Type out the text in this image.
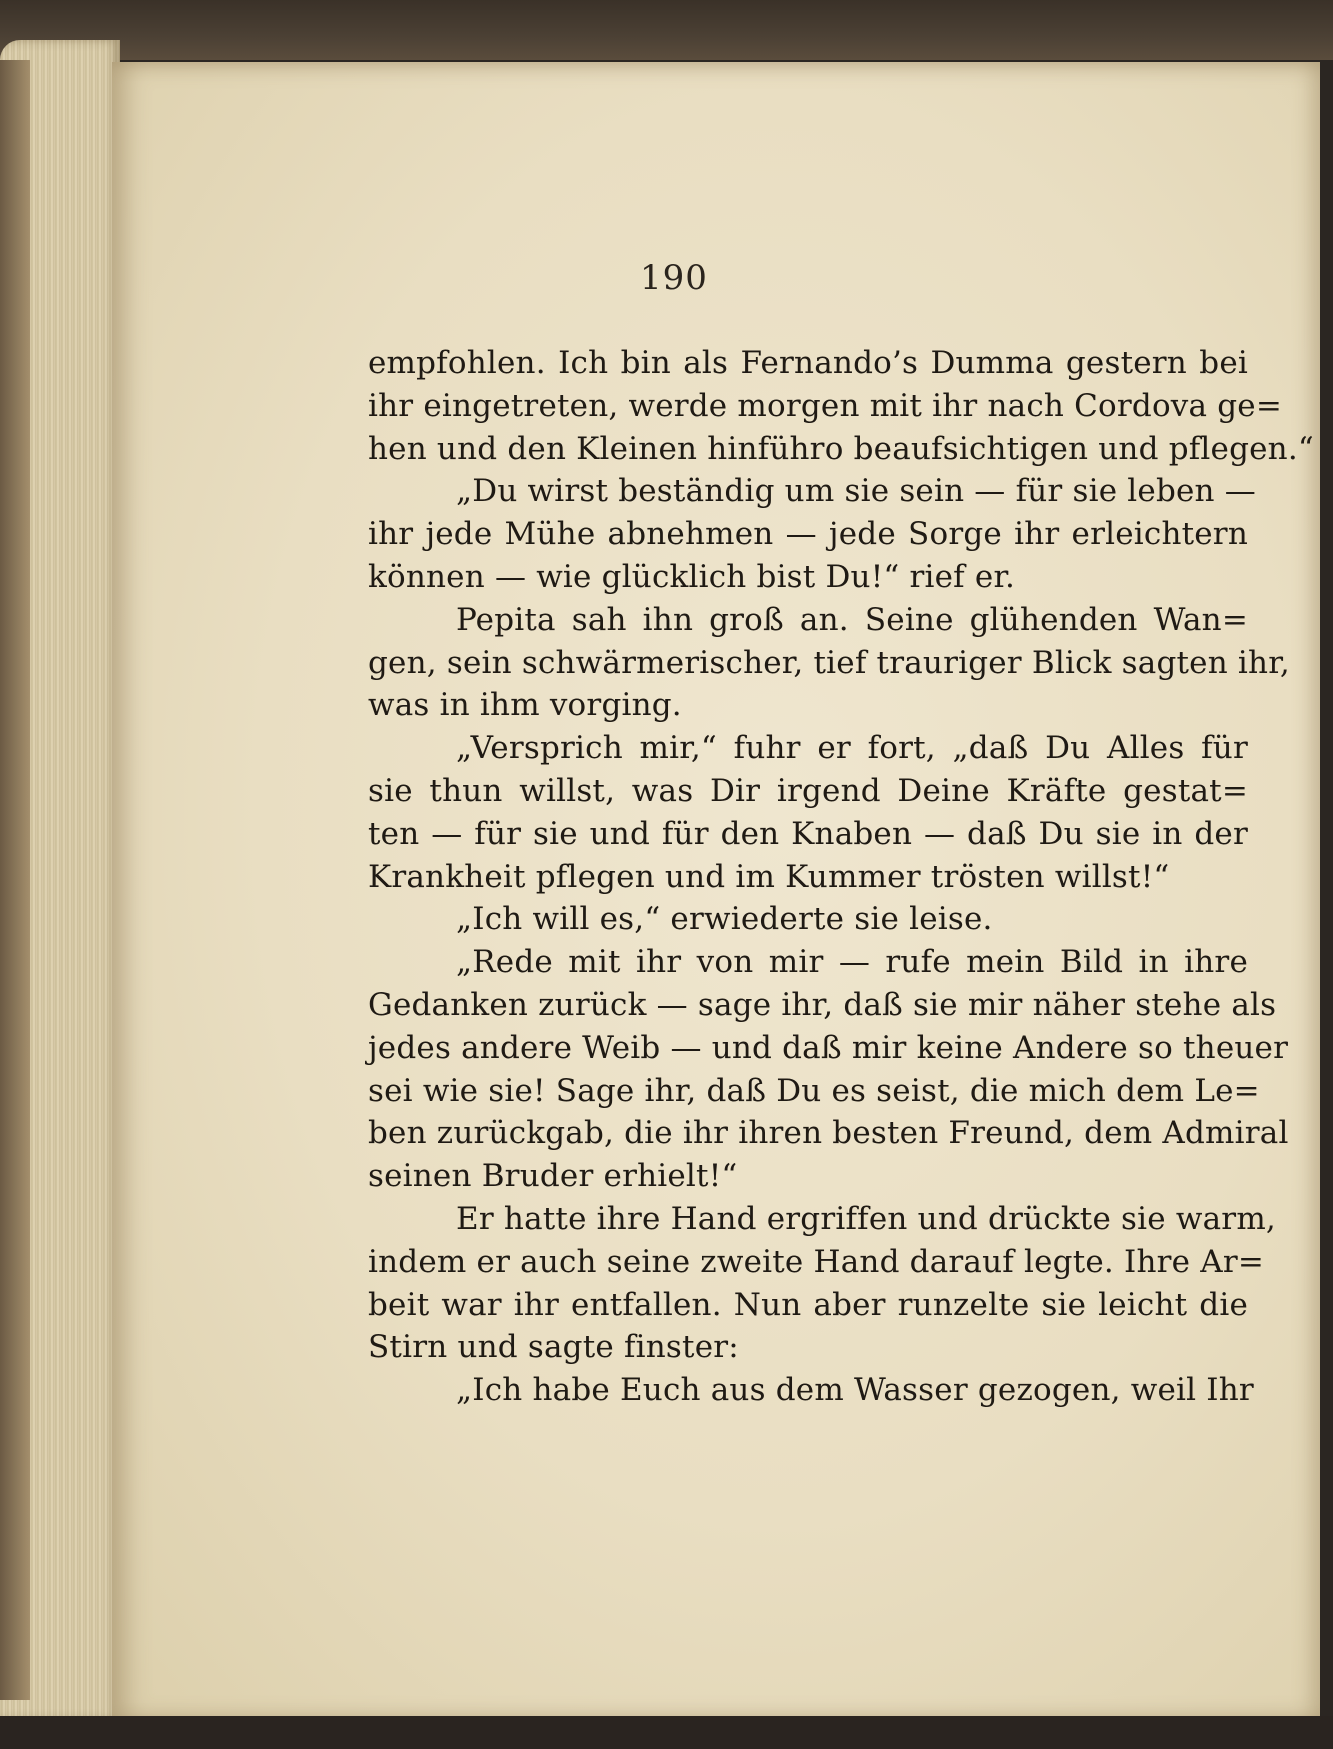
190
empfohlen. Ich bin als Fernando’s Dumma gestern bei
ihr eingetreten, werde morgen mit ihr nach Cordova ge=
hen und den Kleinen hinführo beaufsichtigen und pflegen.“
„Du wirst beständig um sie sein — für sie leben —
ihr jede Mühe abnehmen — jede Sorge ihr erleichtern
können — wie glücklich bist Du!“ rief er.
Pepita sah ihn groß an. Seine glühenden Wan=
gen, sein schwärmerischer, tief trauriger Blick sagten ihr,
was in ihm vorging.
„Versprich mir,“ fuhr er fort, „daß Du Alles für
sie thun willst, was Dir irgend Deine Kräfte gestat=
ten — für sie und für den Knaben — daß Du sie in der
Krankheit pflegen und im Kummer trösten willst!“
„Ich will es,“ erwiederte sie leise.
„Rede mit ihr von mir — rufe mein Bild in ihre
Gedanken zurück — sage ihr, daß sie mir näher stehe als
jedes andere Weib — und daß mir keine Andere so theuer
sei wie sie! Sage ihr, daß Du es seist, die mich dem Le=
ben zurückgab, die ihr ihren besten Freund, dem Admiral
seinen Bruder erhielt!“
Er hatte ihre Hand ergriffen und drückte sie warm,
indem er auch seine zweite Hand darauf legte. Ihre Ar=
beit war ihr entfallen. Nun aber runzelte sie leicht die
Stirn und sagte finster:
„Ich habe Euch aus dem Wasser gezogen, weil Ihr
